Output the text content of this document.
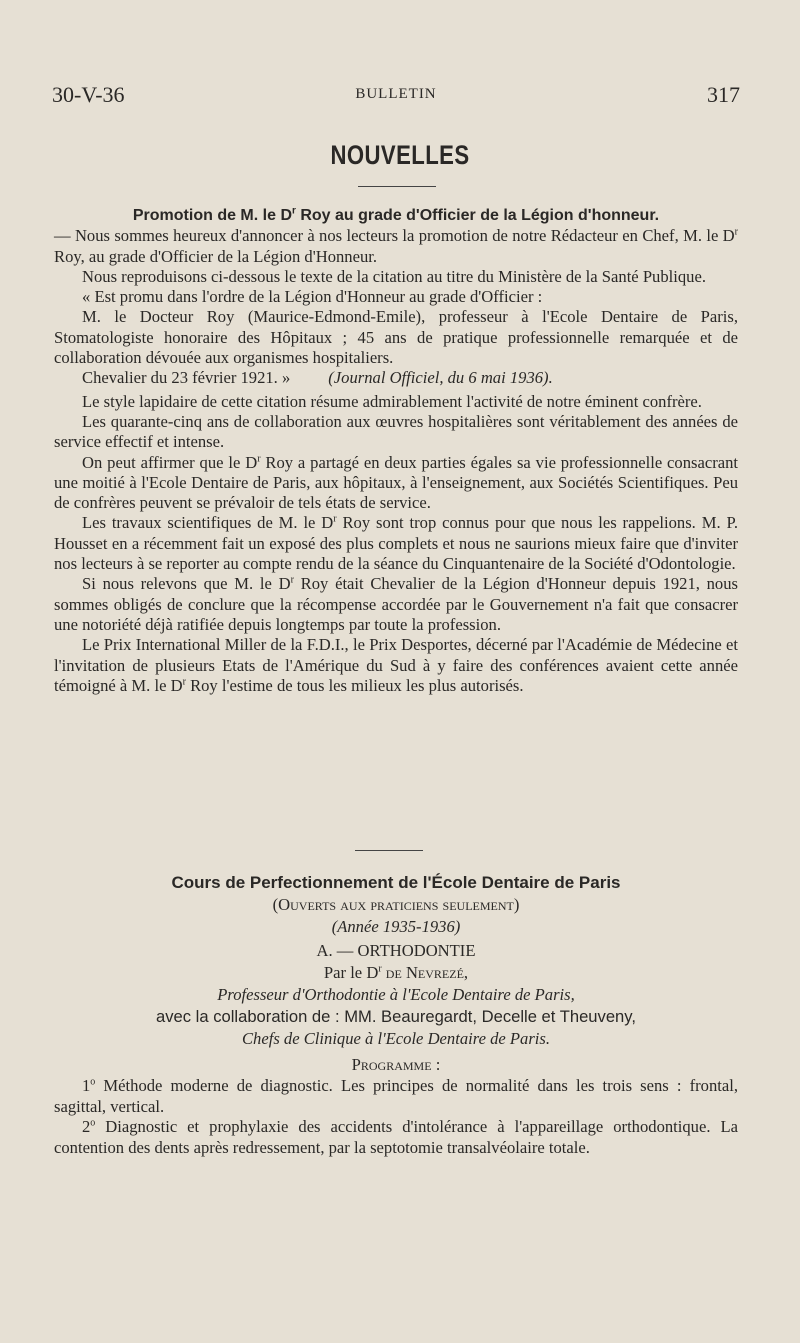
30-V-36	BULLETIN	317
NOUVELLES

Promotion de M. le $D^r$ Roy au grade d'Officier de la Légion d'honneur.

— Nous sommes heureux d'annoncer à nos lecteurs la promotion de notre Rédacteur en Chef, M. le $D^r$ Roy, au grade d'Officier de la Légion d'Honneur.

Nous reproduisons ci-dessous le texte de la citation au titre du Ministère de la Santé Publique.

« Est promu dans l'ordre de la Légion d'Honneur au grade d'Officier :

M. le Docteur Roy (Maurice-Edmond-Emile), professeur à l'Ecole Dentaire de Paris, Stomatologiste honoraire des Hôpitaux ; 45 ans de pratique professionnelle remarquée et de collaboration dévouée aux organismes hospitaliers.

Chevalier du 23 février 1921. » (Journal Officiel, du 6 mai 1936).

Le style lapidaire de cette citation résume admirablement l'activité de notre éminent confrère.

Les quarante-cinq ans de collaboration aux œuvres hospitalières sont véritablement des années de service effectif et intense.

On peut affirmer que le $D^r$ Roy a partagé en deux parties égales sa vie professionnelle consacrant une moitié à l'Ecole Dentaire de Paris, aux hôpitaux, à l'enseignement, aux Sociétés Scientifiques. Peu de confrères peuvent se prévaloir de tels états de service.

Les travaux scientifiques de M. le $D^r$ Roy sont trop connus pour que nous les rappelions. M. P. Housset en a récemment fait un exposé des plus complets et nous ne saurions mieux faire que d'inviter nos lecteurs à se reporter au compte rendu de la séance du Cinquantenaire de la Société d'Odontologie.

Si nous relevons que M. le $D^r$ Roy était Chevalier de la Légion d'Honneur depuis 1921, nous sommes obligés de conclure que la récompense accordée par le Gouvernement n'a fait que consacrer une notoriété déjà ratifiée depuis longtemps par toute la profession.

Le Prix International Miller de la F.D.I., le Prix Desportes, décerné par l'Académie de Médecine et l'invitation de plusieurs Etats de l'Amérique du Sud à y faire des conférences avaient cette année témoigné à M. le $D^r$ Roy l'estime de tous les milieux les plus autorisés.

Cours de Perfectionnement de l'École Dentaire de Paris

(Ouverts aux praticiens seulement)

(Année 1935-1936)

A. — ORTHODONTIE

Par le $D^r$ de Nevrezé,

Professeur d'Orthodontie à l'Ecole Dentaire de Paris,

avec la collaboration de : MM. Beauregardt, Decelle et Theuveny,

Chefs de Clinique à l'Ecole Dentaire de Paris.

Programme :

1$^o$ Méthode moderne de diagnostic. Les principes de normalité dans les trois sens : frontal, sagittal, vertical.

2$^o$ Diagnostic et prophylaxie des accidents d'intolérance à l'appareillage orthodontique. La contention des dents après redressement, par la septotomie transalvéolaire totale.
